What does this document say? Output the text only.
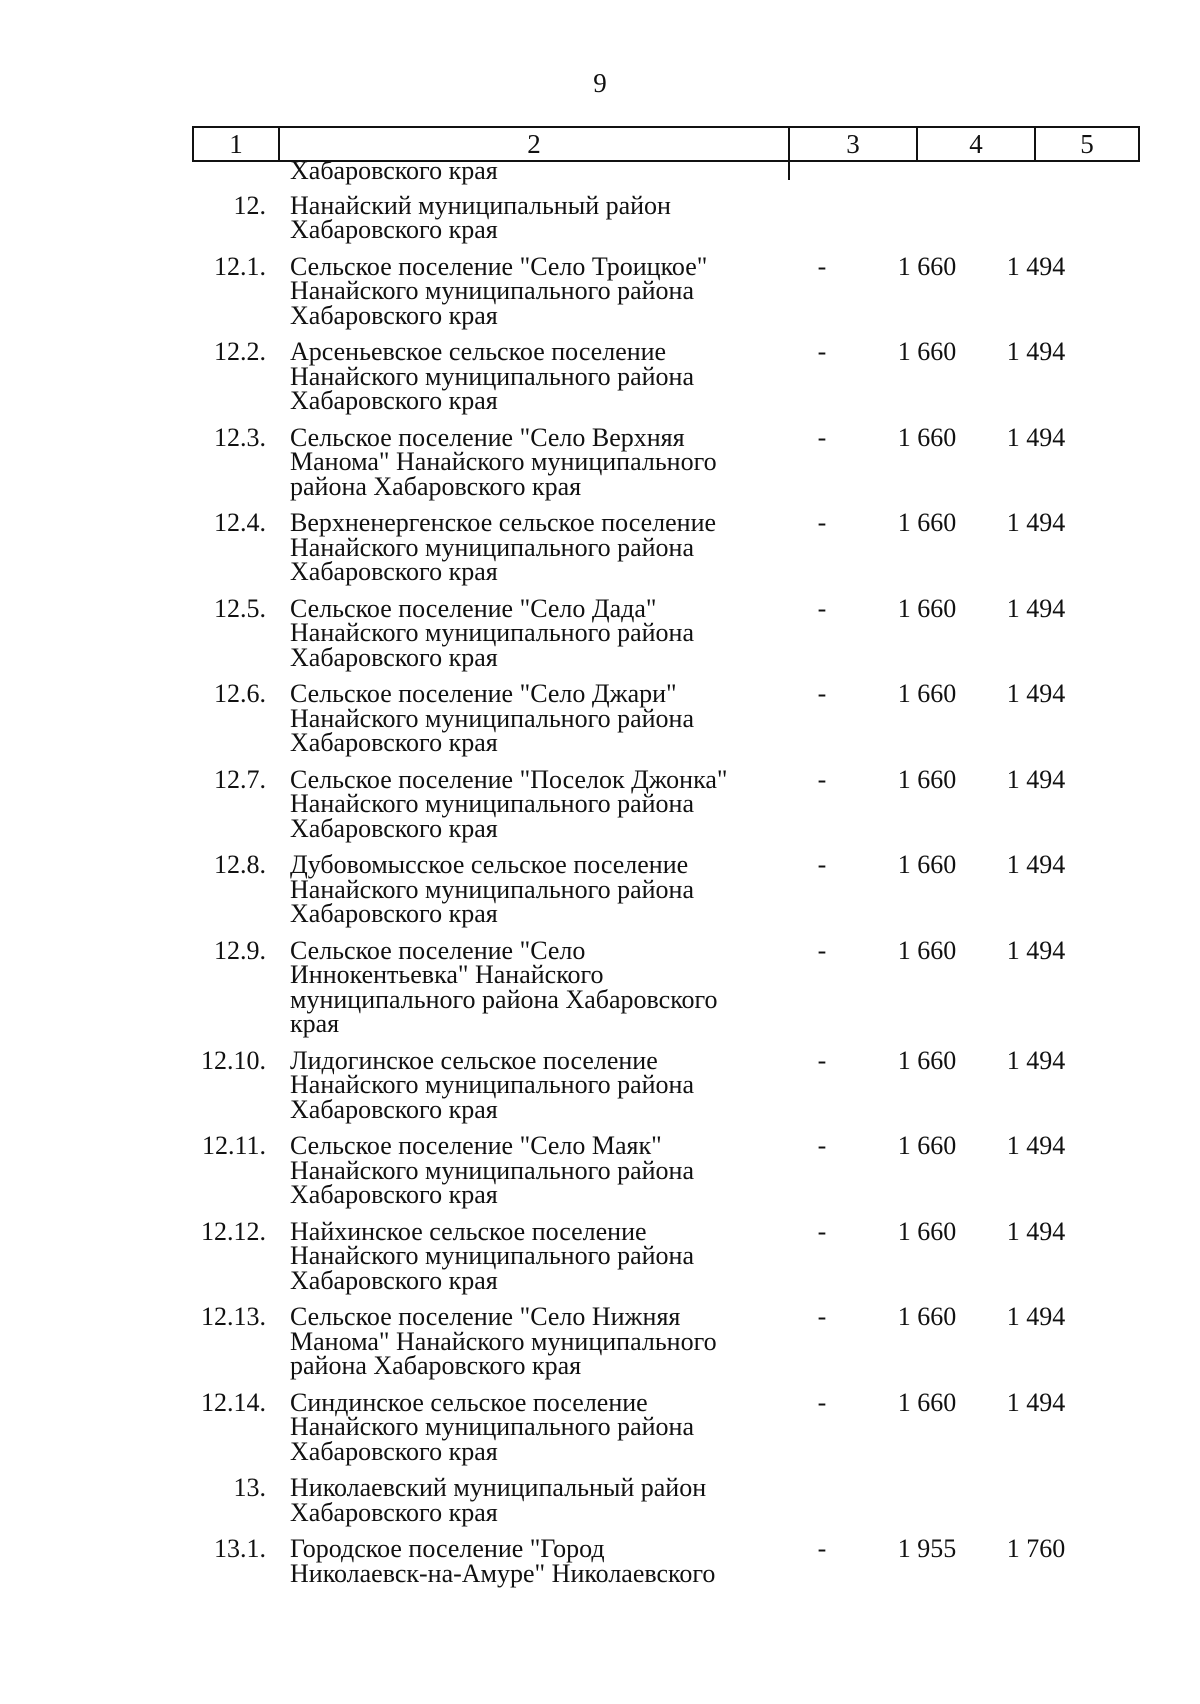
9
1	2	3	4	5
Хабаровского края
12. Нанайский муниципальный район
Хабаровского края
12.1. Сельское поселение "Село Троицкое"
Нанайского муниципального района
Хабаровского края
-	1 660	1 494
12.2. Арсеньевское сельское поселение
Нанайского муниципального района
Хабаровского края
-	1 660	1 494
12.3. Сельское поселение "Село Верхняя
Манома" Нанайского муниципального
района Хабаровского края
-	1 660	1 494
12.4. Верхненергенское сельское поселение
Нанайского муниципального района
Хабаровского края
-	1 660	1 494
12.5. Сельское поселение "Село Дада"
Нанайского муниципального района
Хабаровского края
-	1 660	1 494
12.6. Сельское поселение "Село Джари"
Нанайского муниципального района
Хабаровского края
-	1 660	1 494
12.7. Сельское поселение "Поселок Джонка"
Нанайского муниципального района
Хабаровского края
-	1 660	1 494
12.8. Дубовомысское сельское поселение
Нанайского муниципального района
Хабаровского края
-	1 660	1 494
12.9. Сельское поселение "Село
Иннокентьевка" Нанайского
муниципального района Хабаровского
края
-	1 660	1 494
12.10. Лидогинское сельское поселение
Нанайского муниципального района
Хабаровского края
-	1 660	1 494
12.11. Сельское поселение "Село Маяк"
Нанайского муниципального района
Хабаровского края
-	1 660	1 494
12.12. Найхинское сельское поселение
Нанайского муниципального района
Хабаровского края
-	1 660	1 494
12.13. Сельское поселение "Село Нижняя
Манома" Нанайского муниципального
района Хабаровского края
-	1 660	1 494
12.14. Синдинское сельское поселение
Нанайского муниципального района
Хабаровского края
-	1 660	1 494
13. Николаевский муниципальный район
Хабаровского края
13.1. Городское поселение "Город
Николаевск-на-Амуре" Николаевского
-	1 955	1 760
